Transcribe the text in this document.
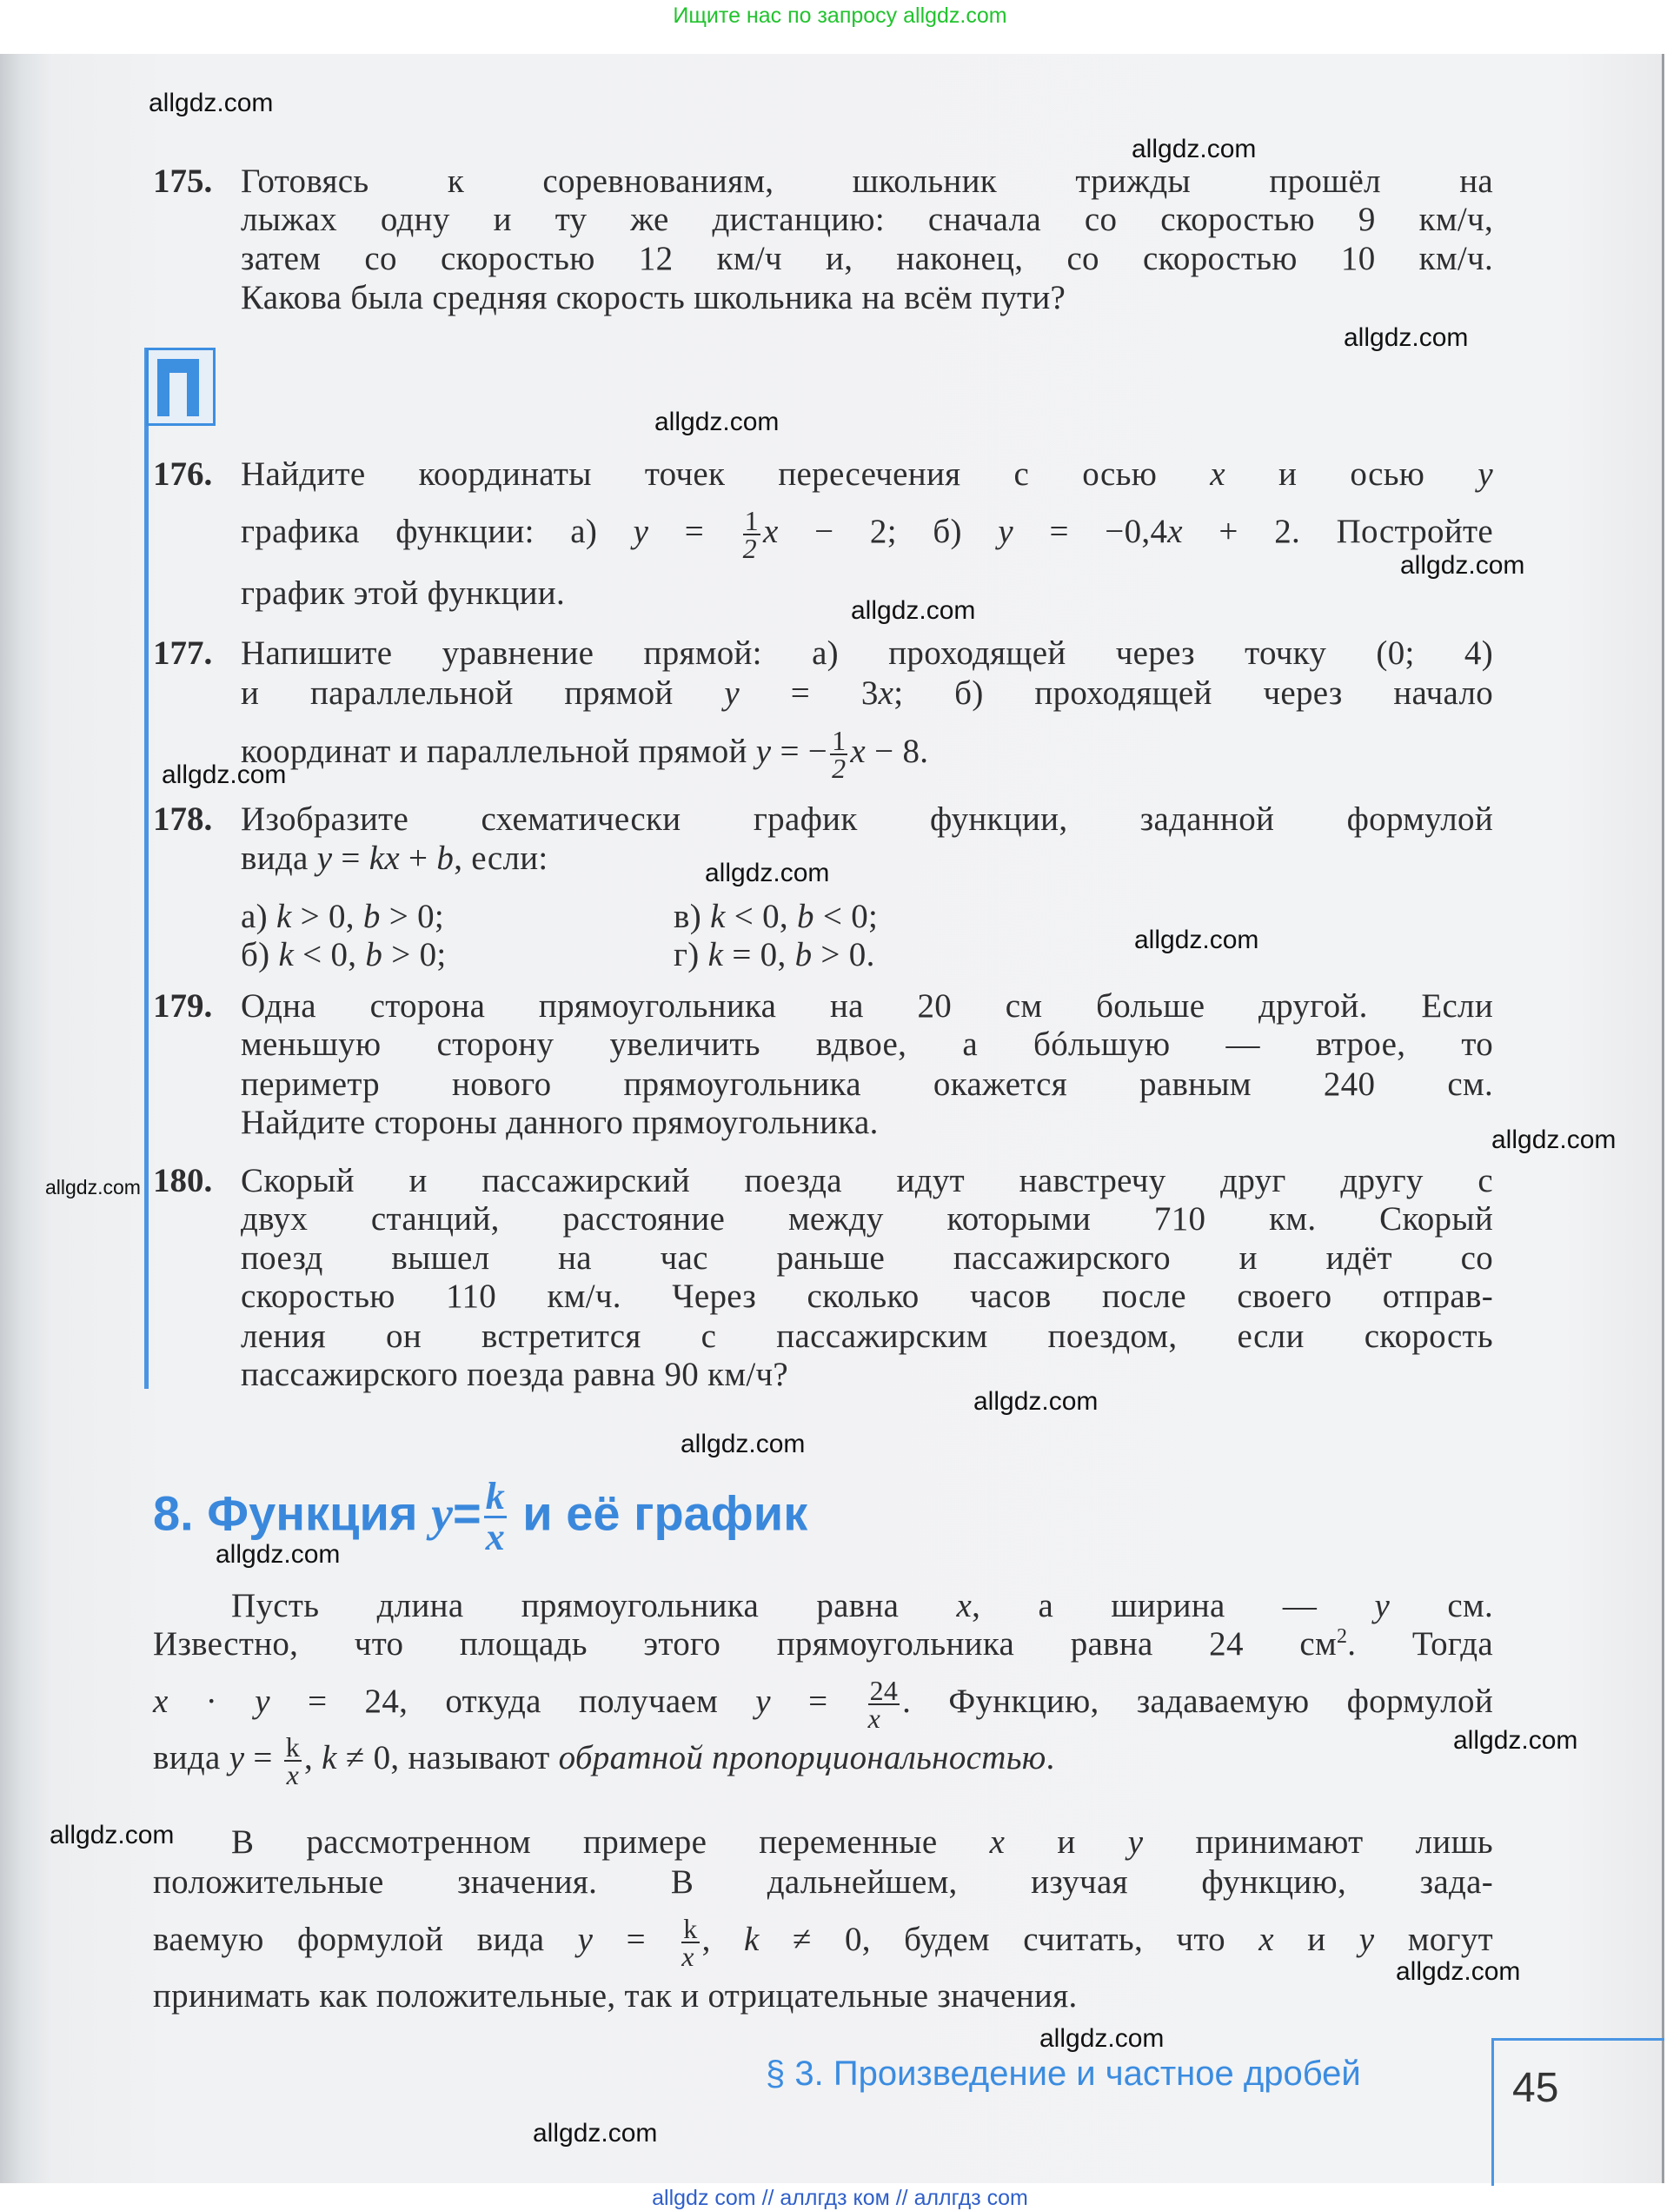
Ищите нас по запросу allgdz.com
175. Готовясь к соревнованиям, школьник трижды прошёл на
лыжах одну и ту же дистанцию: сначала со скоростью 9 км/ч,
затем со скоростью 12 км/ч и, наконец, со скоростью 10 км/ч.
Какова была средняя скорость школьника на всём пути?
176. Найдите координаты точек пересечения с осью x и осью y
графика функции: а) $y = \frac{1}{2}$ x − 2; б) y = −0,4x + 2. Постройте
график этой функции.
177. Напишите уравнение прямой: а) проходящей через точку (0; 4)
и параллельной прямой y = 3x; б) проходящей через начало
координат и параллельной прямой y = − $\frac{1}{2}$ x − 8.
178. Изобразите схематически график функции, заданной формулой
вида y = kx + b, если:
а) k > 0, b > 0;	в) k < 0, b < 0;
б) k < 0, b > 0;	г) k = 0, b > 0.
179. Одна сторона прямоугольника на 20 см больше другой. Если
меньшую сторону увеличить вдвое, а бóльшую — втрое, то
периметр нового прямоугольника окажется равным 240 см.
Найдите стороны данного прямоугольника.
180. Скорый и пассажирский поезда идут навстречу друг другу с
двух станций, расстояние между которыми 710 км. Скорый
поезд вышел на час раньше пассажирского и идёт со
скоростью 110 км/ч. Через сколько часов после своего отправ-
ления он встретится с пассажирским поездом, если скорость
пассажирского поезда равна 90 км/ч?
Пусть длина прямоугольника равна x, а ширина — y см.
Известно, что площадь этого прямоугольника равна 24 $см^2$. Тогда
x · y = 24, откуда получаем $y = \frac{24}{x}$ . Функцию, задаваемую формулой
вида $y = \frac{k}{x}$ , k ≠ 0, называют обратной пропорциональностью.
В рассмотренном примере переменные x и y принимают лишь
положительные значения. В дальнейшем, изучая функцию, зада-
ваемую формулой вида $y = \frac{k}{x}$ , k ≠ 0, будем считать, что x и y могут
принимать как положительные, так и отрицательные значения.
8. Функция $y= \frac{k}{x}$ и её график
§ 3. Произведение и частное дробей	45
allgdz com // аллгдз ком // аллгдз com
allgdz.com
allgdz.com
allgdz.com
allgdz.com
allgdz.com
allgdz.com
allgdz.com
allgdz.com
allgdz.com
allgdz.com
allgdz.com
allgdz.com
allgdz.com
allgdz.com
allgdz.com
allgdz.com
allgdz.com
allgdz.com
allgdz.com
